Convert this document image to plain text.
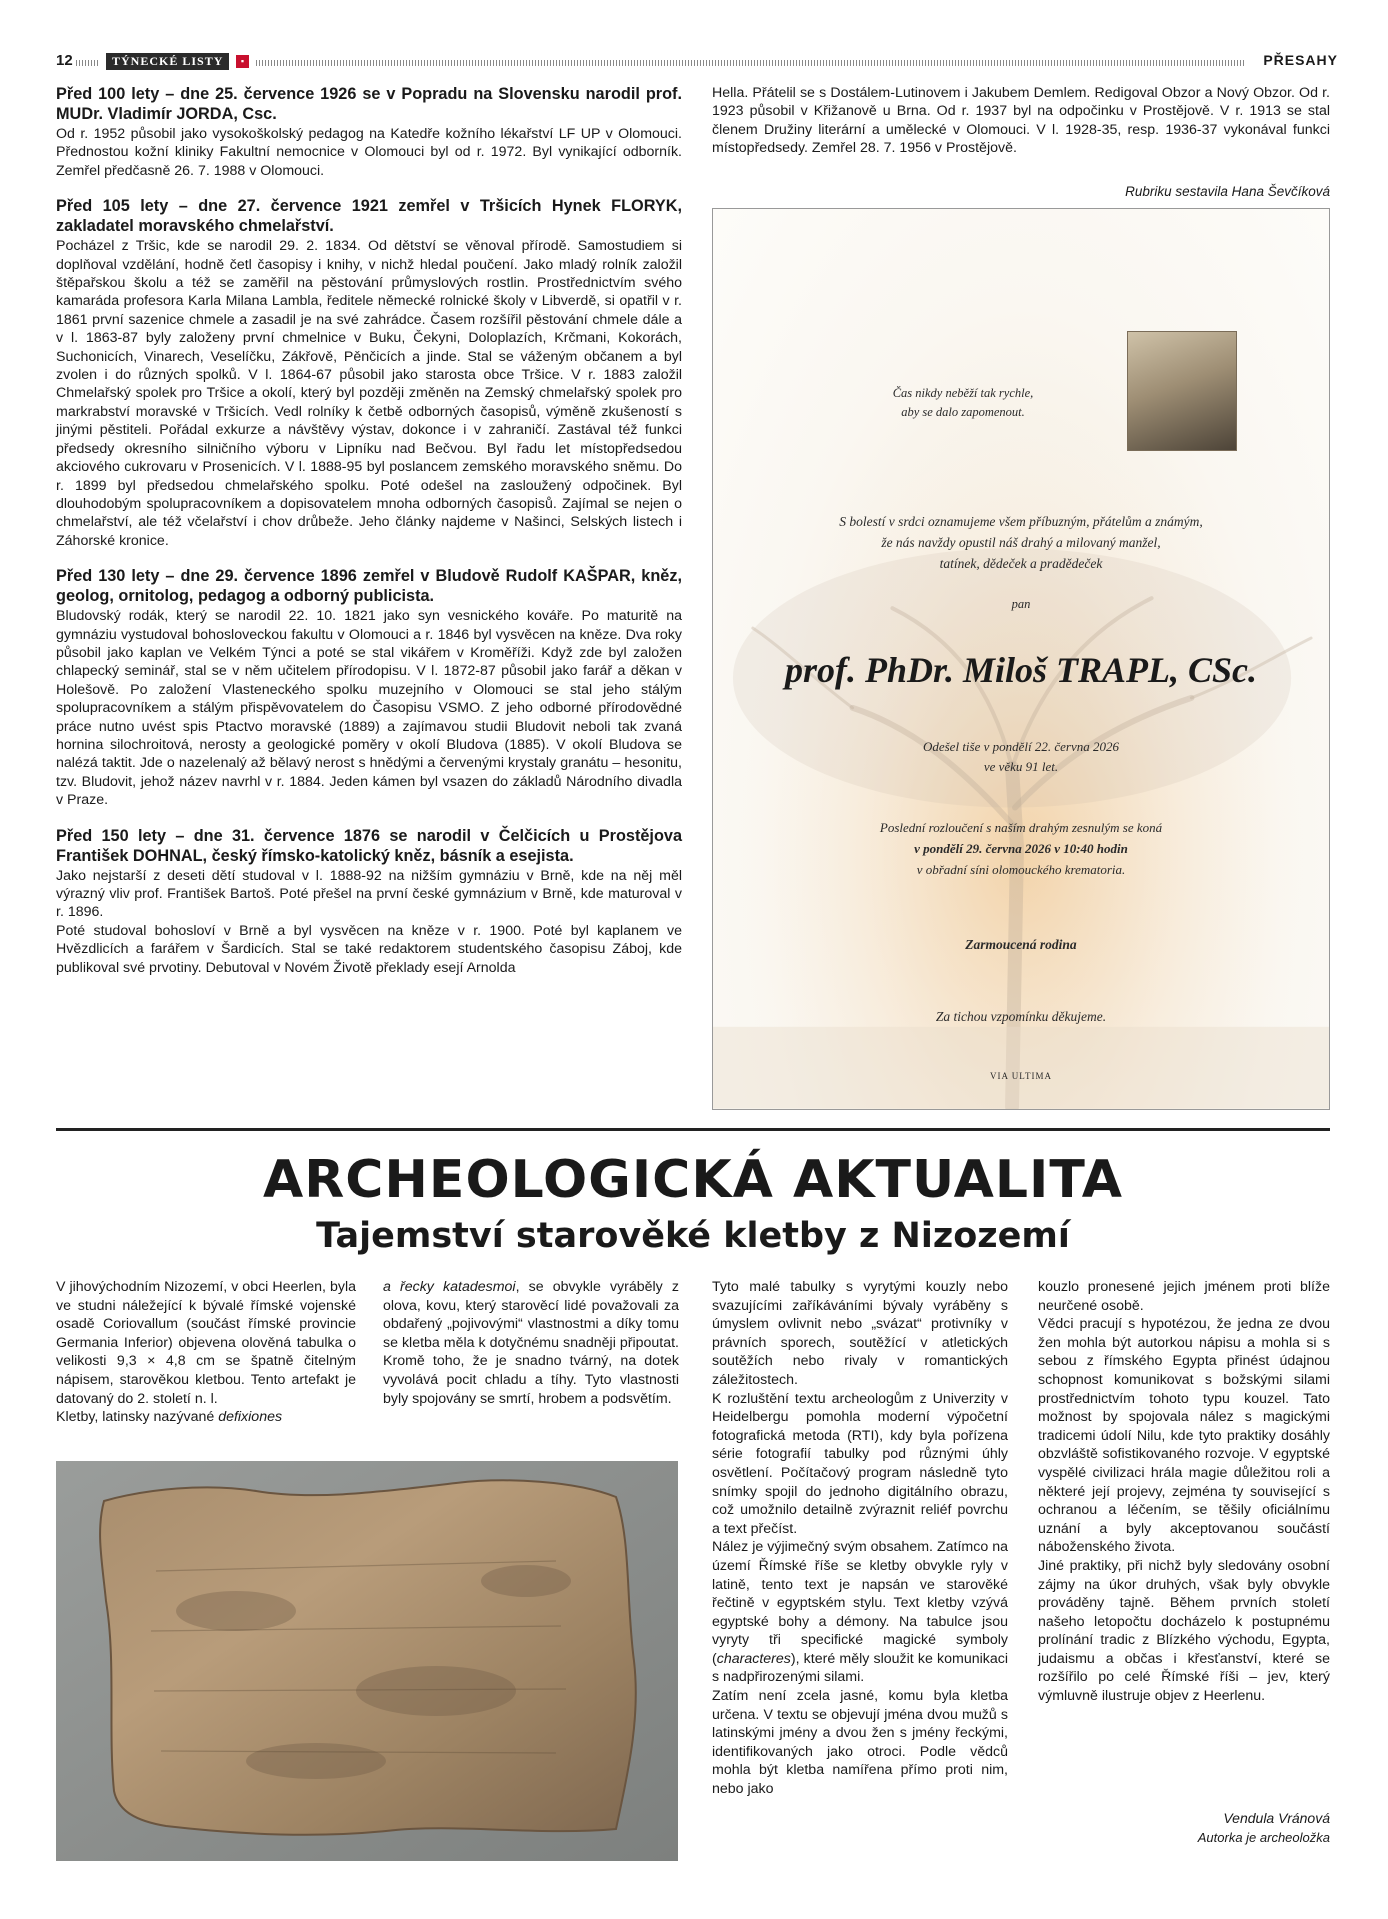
12	TÝNECKÉ LISTY	▪	PŘESAHY

Před 100 lety – dne 25. července 1926 se v Popradu na Slovensku narodil prof. MUDr. Vladimír JORDA, Csc.

Od r. 1952 působil jako vysokoškolský pedagog na Katedře kožního lékařství LF UP v Olomouci. Přednostou kožní kliniky Fakultní nemocnice v Olomouci byl od r. 1972. Byl vynikající odborník. Zemřel předčasně 26. 7. 1988 v Olomouci.

Před 105 lety – dne 27. července 1921 zemřel v Tršicích Hynek FLORYK, zakladatel moravského chmelařství.

Pocházel z Tršic, kde se narodil 29. 2. 1834. Od dětství se věnoval přírodě. Samostudiem si doplňoval vzdělání, hodně četl časopisy i knihy, v nichž hledal poučení. Jako mladý rolník založil štěpařskou školu a též se zaměřil na pěstování průmyslových rostlin. Prostřednictvím svého kamaráda profesora Karla Milana Lambla, ředitele německé rolnické školy v Libverdě, si opatřil v r. 1861 první sazenice chmele a zasadil je na své zahrádce. Časem rozšířil pěstování chmele dále a v l. 1863-87 byly založeny první chmelnice v Buku, Čekyni, Doloplazích, Krčmani, Kokorách, Suchonicích, Vinarech, Veselíčku, Zákřově, Pěnčicích a jinde. Stal se váženým občanem a byl zvolen i do různých spolků. V l. 1864-67 působil jako starosta obce Tršice. V r. 1883 založil Chmelařský spolek pro Tršice a okolí, který byl později změněn na Zemský chmelařský spolek pro markrabství moravské v Tršicích. Vedl rolníky k četbě odborných časopisů, výměně zkušeností s jinými pěstiteli. Pořádal exkurze a návštěvy výstav, dokonce i v zahraničí. Zastával též funkci předsedy okresního silničního výboru v Lipníku nad Bečvou. Byl řadu let místopředsedou akciového cukrovaru v Prosenicích. V l. 1888-95 byl poslancem zemského moravského sněmu. Do r. 1899 byl předsedou chmelařského spolku. Poté odešel na zasloužený odpočinek. Byl dlouhodobým spolupracovníkem a dopisovatelem mnoha odborných časopisů. Zajímal se nejen o chmelařství, ale též včelařství i chov drůbeže. Jeho články najdeme v Našinci, Selských listech i Záhorské kronice.

Před 130 lety – dne 29. července 1896 zemřel v Bludově Rudolf KAŠPAR, kněz, geolog, ornitolog, pedagog a odborný publicista.

Bludovský rodák, který se narodil 22. 10. 1821 jako syn vesnického kováře. Po maturitě na gymnáziu vystudoval bohosloveckou fakultu v Olomouci a r. 1846 byl vysvěcen na kněze. Dva roky působil jako kaplan ve Velkém Týnci a poté se stal vikářem v Kroměříži. Když zde byl založen chlapecký seminář, stal se v něm učitelem přírodopisu. V l. 1872-87 působil jako farář a děkan v Holešově. Po založení Vlasteneckého spolku muzejního v Olomouci se stal jeho stálým spolupracovníkem a stálým přispěvovatelem do Časopisu VSMO. Z jeho odborné přírodovědné práce nutno uvést spis Ptactvo moravské (1889) a zajímavou studii Bludovit neboli tak zvaná hornina silochroitová, nerosty a geologické poměry v okolí Bludova (1885). V okolí Bludova se nalézá taktit. Jde o nazelenalý až bělavý nerost s hnědými a červenými krystaly granátu – hesonitu, tzv. Bludovit, jehož název navrhl v r. 1884. Jeden kámen byl vsazen do základů Národního divadla v Praze.

Před 150 lety – dne 31. července 1876 se narodil v Čelčicích u Prostějova František DOHNAL, český římsko-katolický kněz, básník a esejista.

Jako nejstarší z deseti dětí studoval v l. 1888-92 na nižším gymnáziu v Brně, kde na něj měl výrazný vliv prof. František Bartoš. Poté přešel na první české gymnázium v Brně, kde maturoval v r. 1896.

Poté studoval bohosloví v Brně a byl vysvěcen na kněze v r. 1900. Poté byl kaplanem ve Hvězdlicích a farářem v Šardicích. Stal se také redaktorem studentského časopisu Záboj, kde publikoval své prvotiny. Debutoval v Novém Životě překlady esejí Arnolda

Hella. Přátelil se s Dostálem-Lutinovem i Jakubem Demlem. Redigoval Obzor a Nový Obzor. Od r. 1923 působil v Křižanově u Brna. Od r. 1937 byl na odpočinku v Prostějově. V r. 1913 se stal členem Družiny literární a umělecké v Olomouci. V l. 1928-35, resp. 1936-37 vykonával funkci místopředsedy. Zemřel 28. 7. 1956 v Prostějově.

Rubriku sestavila Hana Ševčíková
Čas nikdy neběží tak rychle,
aby se dalo zapomenout.
S bolestí v srdci oznamujeme všem příbuzným, přátelům a známým,
že nás navždy opustil náš drahý a milovaný manžel,
tatínek, dědeček a pradědeček
pan
prof. PhDr. Miloš TRAPL, CSc.
Odešel tiše v pondělí 22. června 2026
ve věku 91 let.
Poslední rozloučení s naším drahým zesnulým se koná
v pondělí 29. června 2026 v 10:40 hodin
v obřadní síni olomouckého krematoria.
Zarmoucená rodina
Za tichou vzpomínku děkujeme.
VIA ULTIMA
ARCHEOLOGICKÁ AKTUALITA
Tajemství starověké kletby z Nizozemí

V jihovýchodním Nizozemí, v obci Heerlen, byla ve studni náležející k bývalé římské vojenské osadě Coriovallum (součást římské provincie Germania Inferior) objevena olověná tabulka o velikosti 9,3 × 4,8 cm se špatně čitelným nápisem, starověkou kletbou. Tento artefakt je datovaný do 2. století n. l.

Kletby, latinsky nazývané defixiones

a řecky katadesmoi, se obvykle vyráběly z olova, kovu, který starověcí lidé považovali za obdařený „pojivovými“ vlastnostmi a díky tomu se kletba měla k dotyčnému snadněji připoutat. Kromě toho, že je snadno tvárný, na dotek vyvolává pocit chladu a tíhy. Tyto vlastnosti byly spojovány se smrtí, hrobem a podsvětím.

Tyto malé tabulky s vyrytými kouzly nebo svazujícími zaříkáváními bývaly vyráběny s úmyslem ovlivnit nebo „svázat“ protivníky v právních sporech, soutěžící v atletických soutěžích nebo rivaly v romantických záležitostech.

K rozluštění textu archeologům z Univerzity v Heidelbergu pomohla moderní výpočetní fotografická metoda (RTI), kdy byla pořízena série fotografií tabulky pod různými úhly osvětlení. Počítačový program následně tyto snímky spojil do jednoho digitálního obrazu, což umožnilo detailně zvýraznit reliéf povrchu a text přečíst.

Nález je výjimečný svým obsahem. Zatímco na území Římské říše se kletby obvykle ryly v latině, tento text je napsán ve starověké řečtině v egyptském stylu. Text kletby vzývá egyptské bohy a démony. Na tabulce jsou vyryty tři specifické magické symboly (characteres), které měly sloužit ke komunikaci s nadpřirozenými silami.

Zatím není zcela jasné, komu byla kletba určena. V textu se objevují jména dvou mužů s latinskými jmény a dvou žen s jmény řeckými, identifikovaných jako otroci. Podle vědců mohla být kletba namířena přímo proti nim, nebo jako

kouzlo pronesené jejich jménem proti blíže neurčené osobě.

Vědci pracují s hypotézou, že jedna ze dvou žen mohla být autorkou nápisu a mohla si s sebou z římského Egypta přinést údajnou schopnost komunikovat s božskými silami prostřednictvím tohoto typu kouzel. Tato možnost by spojovala nález s magickými tradicemi údolí Nilu, kde tyto praktiky dosáhly obzvláště sofistikovaného rozvoje. V egyptské vyspělé civilizaci hrála magie důležitou roli a některé její projevy, zejména ty související s ochranou a léčením, se těšily oficiálnímu uznání a byly akceptovanou součástí náboženského života.

Jiné praktiky, při nichž byly sledovány osobní zájmy na úkor druhých, však byly obvykle prováděny tajně. Během prvních století našeho letopočtu docházelo k postupnému prolínání tradic z Blízkého východu, Egypta, judaismu a občas i křesťanství, které se rozšířilo po celé Římské říši – jev, který výmluvně ilustruje objev z Heerlenu.

Vendula Vránová
Autorka je archeoložka
